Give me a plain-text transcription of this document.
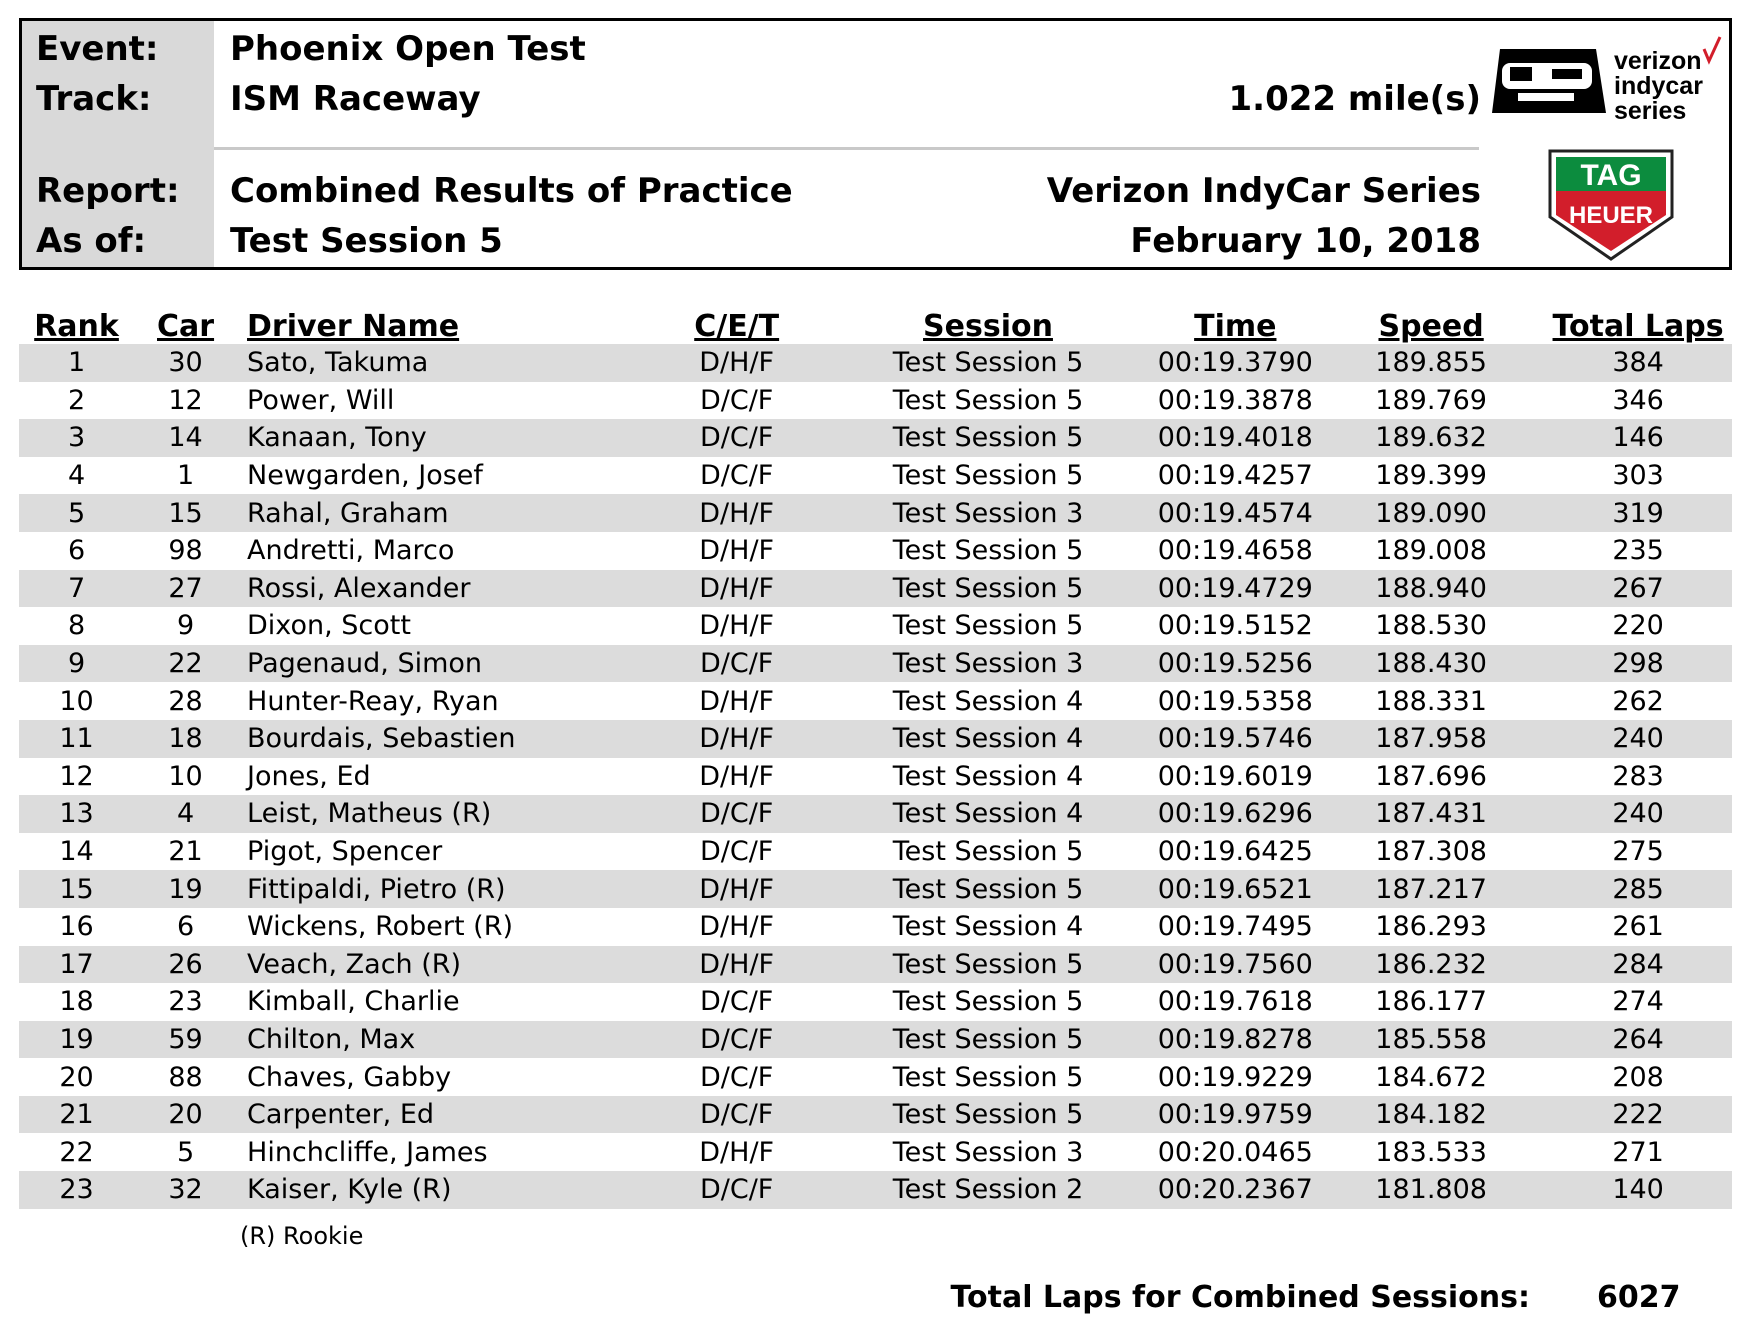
Event: Phoenix Open Test
Track: ISM Raceway	1.022 mile(s)
Report: Combined Results of Practice	Verizon IndyCar Series
As of: Test Session 5	February 10, 2018
verizon
indycar
series
TAG
HEUER
Rank	Car	Driver Name	C/E/T	Session	Time	Speed	Total Laps
1	30	Sato, Takuma	D/H/F	Test Session 5	00:19.3790	189.855	384
2	12	Power, Will	D/C/F	Test Session 5	00:19.3878	189.769	346
3	14	Kanaan, Tony	D/C/F	Test Session 5	00:19.4018	189.632	146
4	1	Newgarden, Josef	D/C/F	Test Session 5	00:19.4257	189.399	303
5	15	Rahal, Graham	D/H/F	Test Session 3	00:19.4574	189.090	319
6	98	Andretti, Marco	D/H/F	Test Session 5	00:19.4658	189.008	235
7	27	Rossi, Alexander	D/H/F	Test Session 5	00:19.4729	188.940	267
8	9	Dixon, Scott	D/H/F	Test Session 5	00:19.5152	188.530	220
9	22	Pagenaud, Simon	D/C/F	Test Session 3	00:19.5256	188.430	298
10	28	Hunter-Reay, Ryan	D/H/F	Test Session 4	00:19.5358	188.331	262
11	18	Bourdais, Sebastien	D/H/F	Test Session 4	00:19.5746	187.958	240
12	10	Jones, Ed	D/H/F	Test Session 4	00:19.6019	187.696	283
13	4	Leist, Matheus (R)	D/C/F	Test Session 4	00:19.6296	187.431	240
14	21	Pigot, Spencer	D/C/F	Test Session 5	00:19.6425	187.308	275
15	19	Fittipaldi, Pietro (R)	D/H/F	Test Session 5	00:19.6521	187.217	285
16	6	Wickens, Robert (R)	D/H/F	Test Session 4	00:19.7495	186.293	261
17	26	Veach, Zach (R)	D/H/F	Test Session 5	00:19.7560	186.232	284
18	23	Kimball, Charlie	D/C/F	Test Session 5	00:19.7618	186.177	274
19	59	Chilton, Max	D/C/F	Test Session 5	00:19.8278	185.558	264
20	88	Chaves, Gabby	D/C/F	Test Session 5	00:19.9229	184.672	208
21	20	Carpenter, Ed	D/C/F	Test Session 5	00:19.9759	184.182	222
22	5	Hinchcliffe, James	D/H/F	Test Session 3	00:20.0465	183.533	271
23	32	Kaiser, Kyle (R)	D/C/F	Test Session 2	00:20.2367	181.808	140
(R) Rookie
Total Laps for Combined Sessions: 6027
